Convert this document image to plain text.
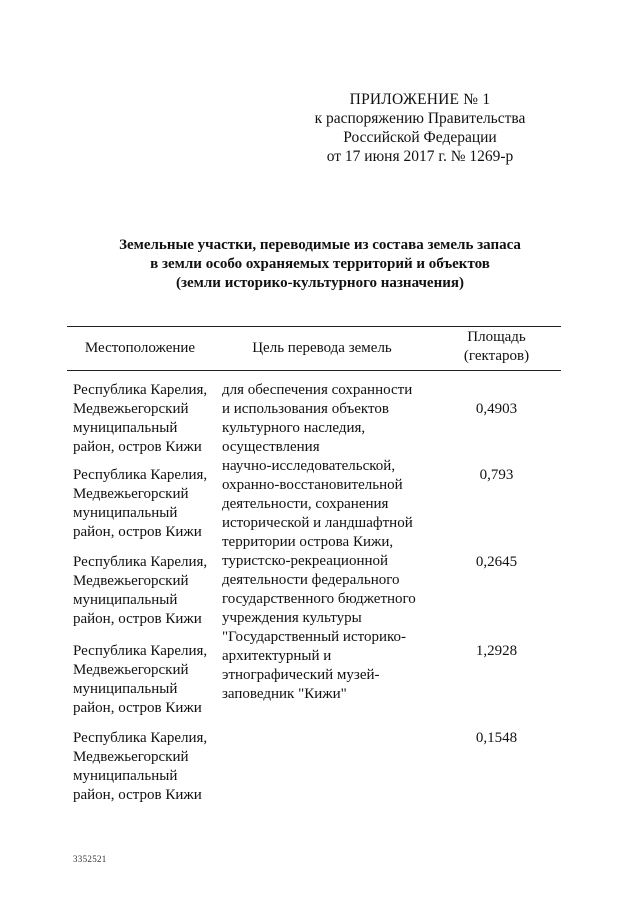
ПРИЛОЖЕНИЕ № 1
к распоряжению Правительства
Российской Федерации
от 17 июня 2017 г. № 1269-р
Земельные участки, переводимые из состава земель запаса
в земли особо охраняемых территорий и объектов
(земли историко-культурного назначения)
Местоположение	Цель перевода земель
Площадь
(гектаров)
для обеспечения сохранности
и использования объектов
культурного наследия,
осуществления
научно-исследовательской,
охранно-восстановительной
деятельности, сохранения
исторической и ландшафтной
территории острова Кижи,
туристско-рекреационной
деятельности федерального
государственного бюджетного
учреждения культуры
"Государственный историко-
архитектурный и
этнографический музей-
заповедник "Кижи"
Республика Карелия,
Медвежьегорский
муниципальный
район, остров Кижи
0,4903
Республика Карелия,
Медвежьегорский
муниципальный
район, остров Кижи
0,793
Республика Карелия,
Медвежьегорский
муниципальный
район, остров Кижи
0,2645
Республика Карелия,
Медвежьегорский
муниципальный
район, остров Кижи
1,2928
Республика Карелия,
Медвежьегорский
муниципальный
район, остров Кижи
0,1548
3352521
